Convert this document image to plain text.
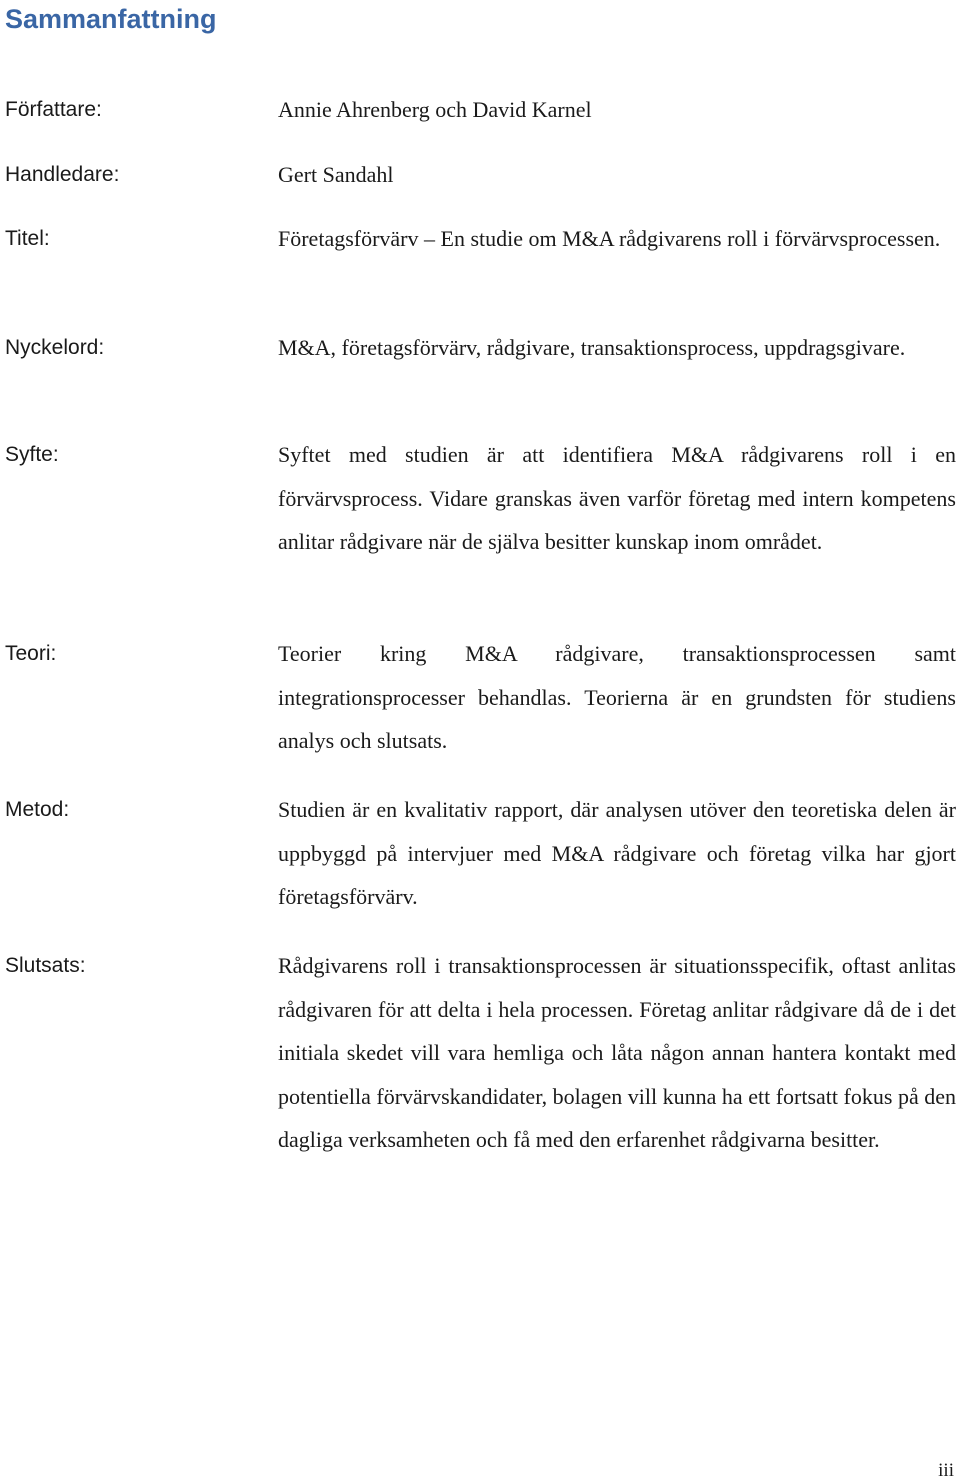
Sammanfattning
Författare:	Annie Ahrenberg och David Karnel
Handledare:	Gert Sandahl
Titel:	Företagsförvärv – En studie om M&A rådgivarens roll i förvärvsprocessen.
Nyckelord:	M&A, företagsförvärv, rådgivare, transaktionsprocess, uppdragsgivare.
Syfte:	Syftet med studien är att identifiera M&A rådgivarens roll i en förvärvsprocess. Vidare granskas även varför företag med intern kompetens anlitar rådgivare när de själva besitter kunskap inom området.
Teori:	Teorier kring M&A rådgivare, transaktionsprocessen samt integrationsprocesser behandlas. Teorierna är en grundsten för studiens analys och slutsats.
Metod:	Studien är en kvalitativ rapport, där analysen utöver den teoretiska delen är uppbyggd på intervjuer med M&A rådgivare och företag vilka har gjort företagsförvärv.
Slutsats:	Rådgivarens roll i transaktionsprocessen är situationsspecifik, oftast anlitas rådgivaren för att delta i hela processen. Företag anlitar rådgivare då de i det initiala skedet vill vara hemliga och låta någon annan hantera kontakt med potentiella förvärvskandidater, bolagen vill kunna ha ett fortsatt fokus på den dagliga verksamheten och få med den erfarenhet rådgivarna besitter.
iii
